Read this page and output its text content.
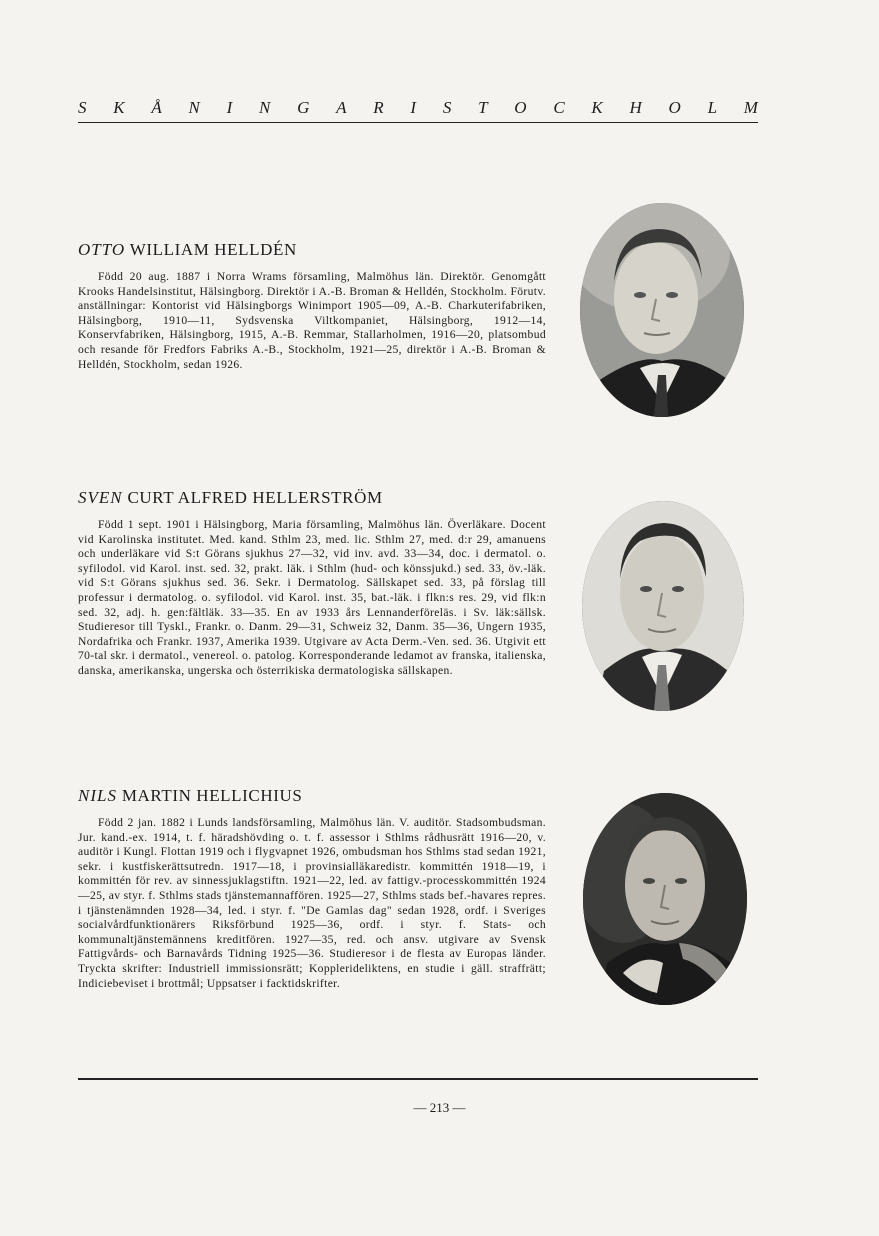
S K Å N I N G A R I S T O C K H O L M
OTTO WILLIAM HELLDÉN

Född 20 aug. 1887 i Norra Wrams församling, Malmöhus län. Direktör. Genomgått Krooks Handelsinstitut, Hälsingborg. Direktör i A.-B. Broman & Helldén, Stockholm. Förutv. anställningar: Kontorist vid Hälsingborgs Winimport 1905—09, A.-B. Charkuterifabriken, Hälsingborg, 1910—11, Sydsvenska Viltkompaniet, Hälsingborg, 1912—14, Konservfabriken, Hälsingborg, 1915, A.-B. Remmar, Stallarholmen, 1916—20, platsombud och resande för Fredfors Fabriks A.-B., Stockholm, 1921—25, direktör i A.-B. Broman & Helldén, Stockholm, sedan 1926.

SVEN CURT ALFRED HELLERSTRÖM

Född 1 sept. 1901 i Hälsingborg, Maria församling, Malmöhus län. Överläkare. Docent vid Karolinska institutet. Med. kand. Sthlm 23, med. lic. Sthlm 27, med. d:r 29, amanuens och underläkare vid S:t Görans sjukhus 27—32, vid inv. avd. 33—34, doc. i dermatol. o. syfilodol. vid Karol. inst. sed. 32, prakt. läk. i Sthlm (hud- och könssjukd.) sed. 33, öv.-läk. vid S:t Görans sjukhus sed. 36. Sekr. i Dermatolog. Sällskapet sed. 33, på förslag till professur i dermatolog. o. syfilodol. vid Karol. inst. 35, bat.-läk. i flkn:s res. 29, vid flk:n sed. 32, adj. h. gen:fältläk. 33—35. En av 1933 års Lennanderföreläs. i Sv. läk:sällsk. Studieresor till Tyskl., Frankr. o. Danm. 29—31, Schweiz 32, Danm. 35—36, Ungern 1935, Nordafrika och Frankr. 1937, Amerika 1939. Utgivare av Acta Derm.-Ven. sed. 36. Utgivit ett 70-tal skr. i dermatol., venereol. o. patolog. Korresponderande ledamot av franska, italienska, danska, amerikanska, ungerska och österrikiska dermatologiska sällskapen.

NILS MARTIN HELLICHIUS

Född 2 jan. 1882 i Lunds landsförsamling, Malmöhus län. V. auditör. Stadsombudsman. Jur. kand.-ex. 1914, t. f. häradshövding o. t. f. assessor i Sthlms rådhusrätt 1916—20, v. auditör i Kungl. Flottan 1919 och i flygvapnet 1926, ombudsman hos Sthlms stad sedan 1921, sekr. i kustfiskerättsutredn. 1917—18, i provinsialläkaredistr. kommittén 1918—19, i kommittén för rev. av sinnessjuklagstiftn. 1921—22, led. av fattigv.-processkommittén 1924—25, av styr. f. Sthlms stads tjänstemannaffören. 1925—27, Sthlms stads bef.-havares repres. i tjänstenämnden 1928—34, led. i styr. f. "De Gamlas dag" sedan 1928, ordf. i Sveriges socialvårdfunktionärers Riksförbund 1925—36, ordf. i styr. f. Stats- och kommunaltjänstemännens kreditfören. 1927—35, red. och ansv. utgivare av Svensk Fattigvårds- och Barnavårds Tidning 1925—36. Studieresor i de flesta av Europas länder. Tryckta skrifter: Industriell immissionsrätt; Kopplerideliktens, en studie i gäll. straffrätt; Indiciebeviset i brottmål; Uppsatser i facktidskrifter.

— 213 —
